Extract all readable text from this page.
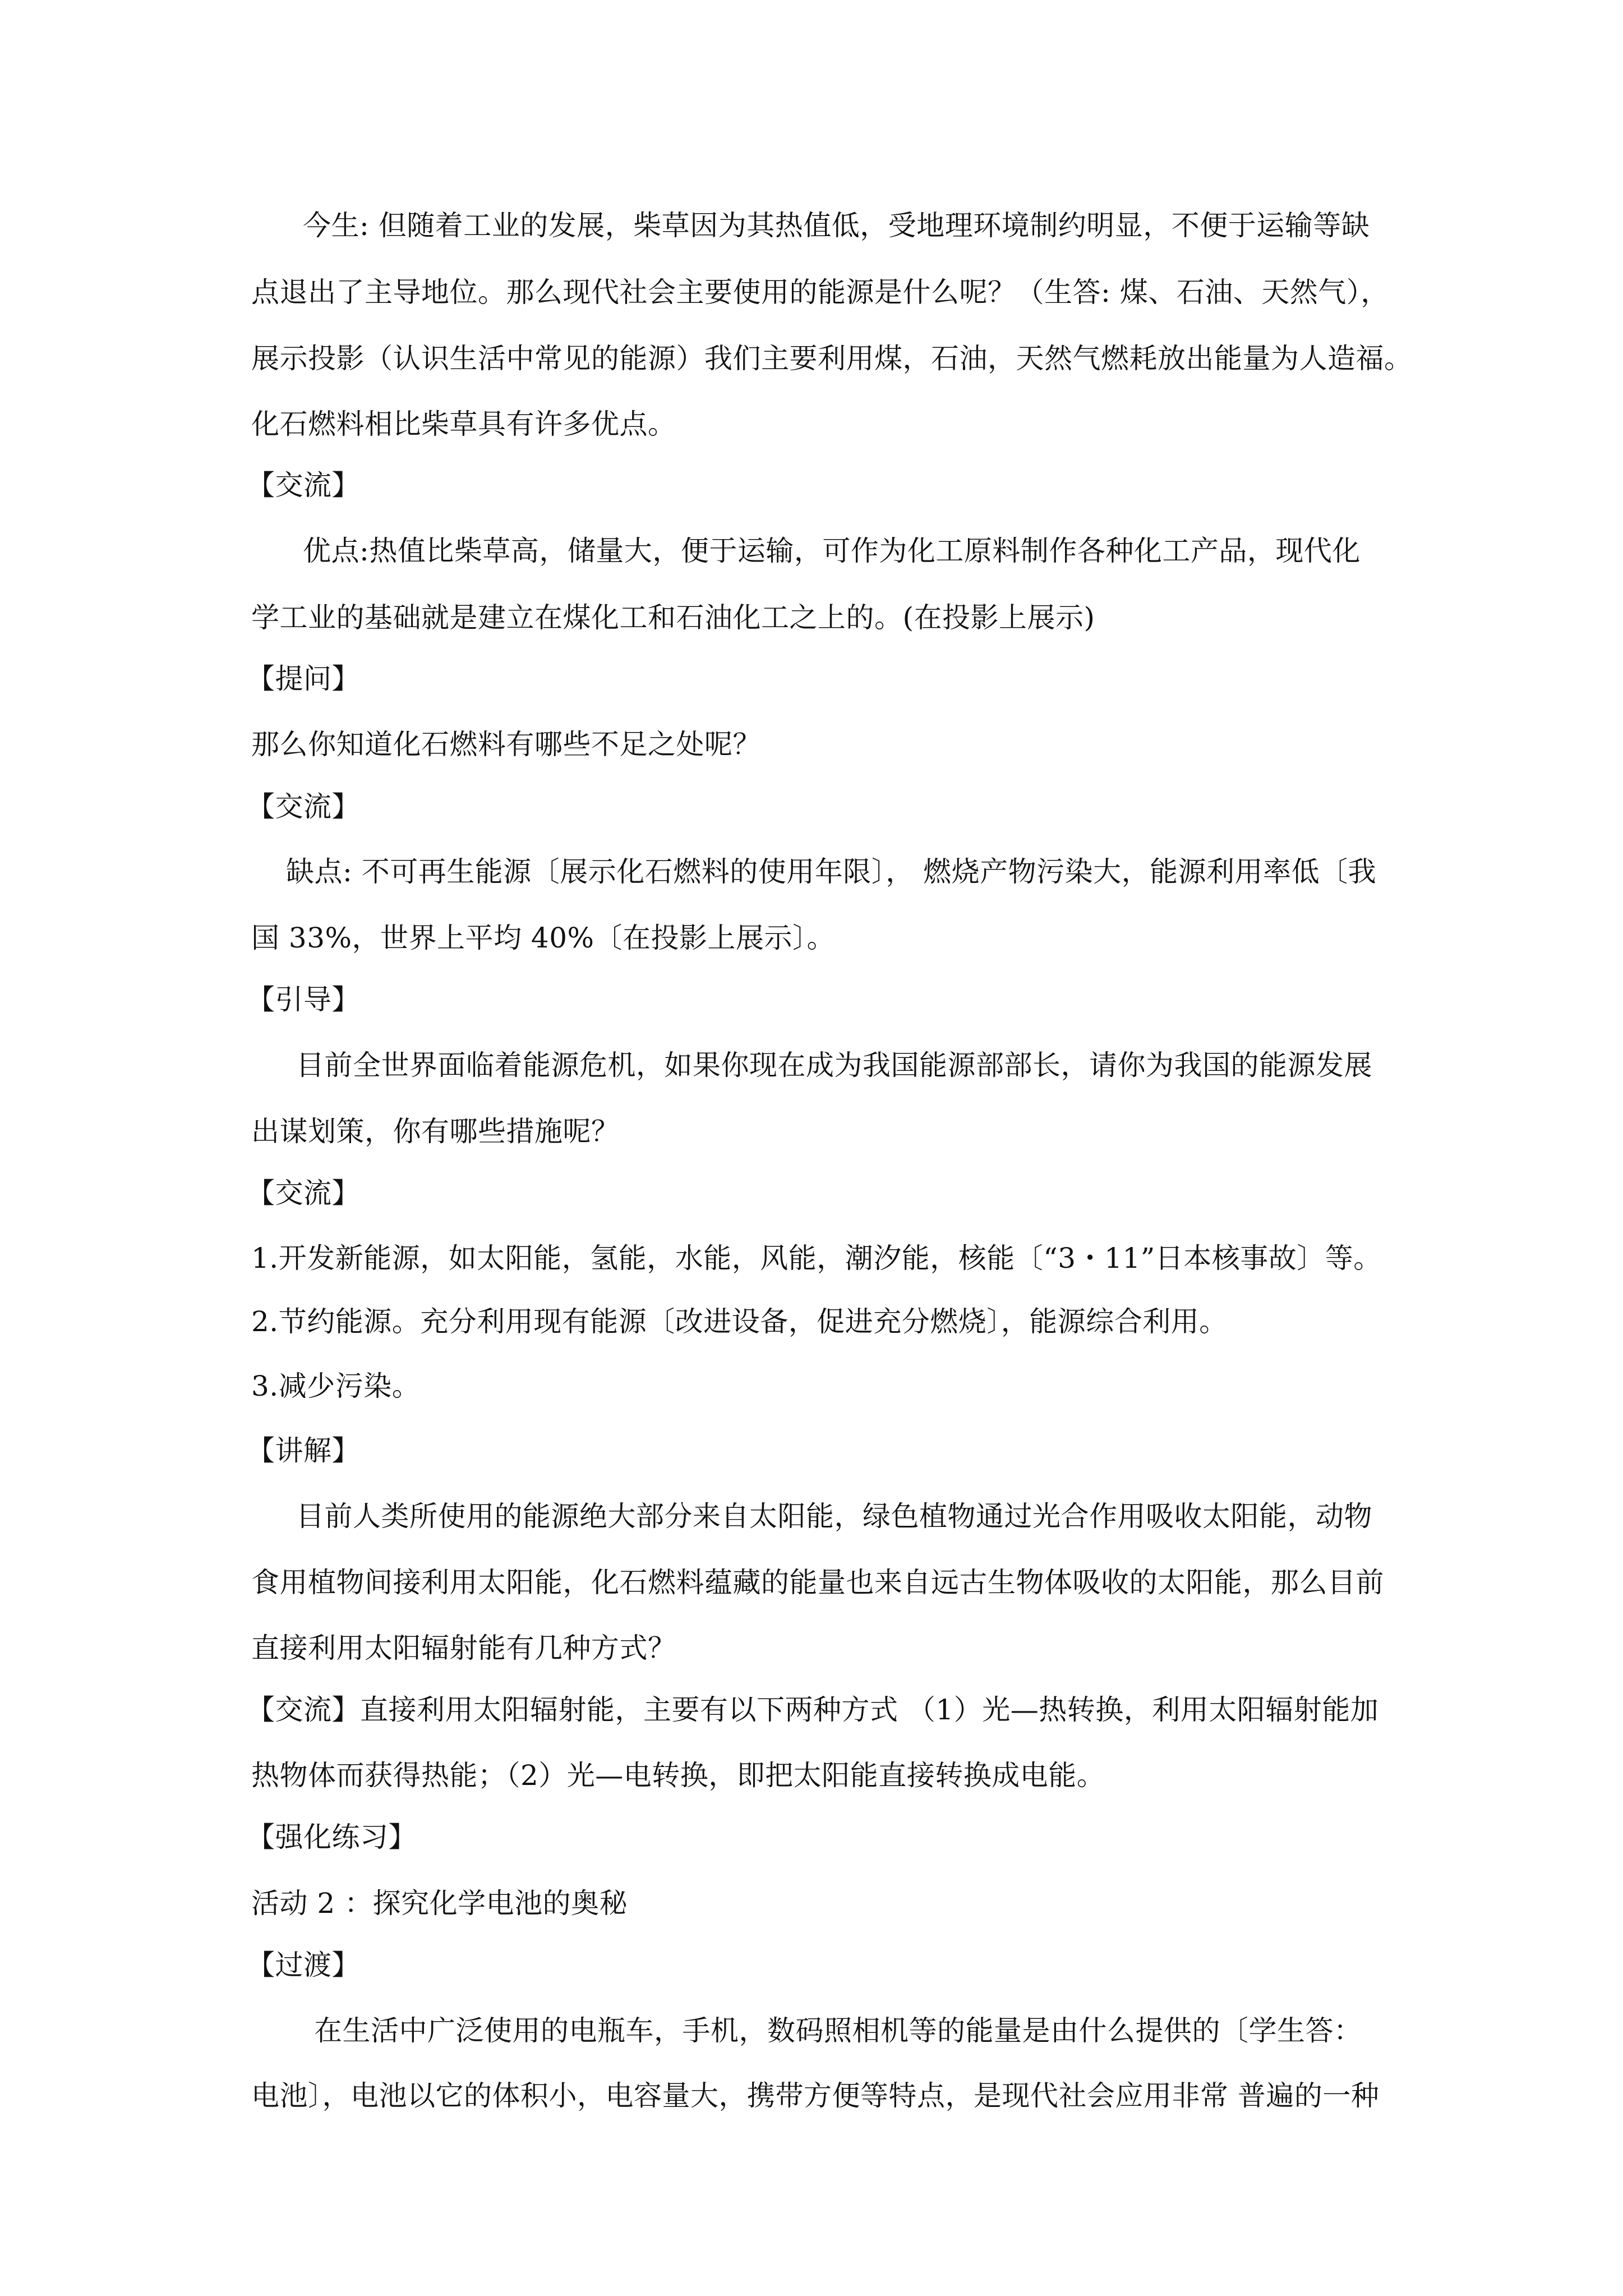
今生: 但随着工业的发展，柴草因为其热值低，受地理环境制约明显，不便于运输等缺
点退出了主导地位。那么现代社会主要使用的能源是什么呢？（生答: 煤、石油、天然气），
展示投影（认识生活中常见的能源）我们主要利用煤，石油，天然气燃耗放出能量为人造福。
化石燃料相比柴草具有许多优点。
【交流】
优点:热值比柴草高，储量大，便于运输，可作为化工原料制作各种化工产品，现代化
学工业的基础就是建立在煤化工和石油化工之上的。(在投影上展示)
【提问】
那么你知道化石燃料有哪些不足之处呢？
【交流】
缺点: 不可再生能源〔展示化石燃料的使用年限〕， 燃烧产物污染大，能源利用率低〔我
国 33%，世界上平均 40%〔在投影上展示〕。
【引导】
目前全世界面临着能源危机，如果你现在成为我国能源部部长，请你为我国的能源发展
出谋划策，你有哪些措施呢？
【交流】
1.开发新能源，如太阳能，氢能，水能，风能，潮汐能，核能〔“3・11”日本核事故〕等。
2.节约能源。充分利用现有能源〔改进设备，促进充分燃烧〕，能源综合利用。
3.减少污染。
【讲解】
目前人类所使用的能源绝大部分来自太阳能，绿色植物通过光合作用吸收太阳能，动物
食用植物间接利用太阳能，化石燃料蕴藏的能量也来自远古生物体吸收的太阳能，那么目前
直接利用太阳辐射能有几种方式？
【交流】直接利用太阳辐射能，主要有以下两种方式 （1）光—热转换，利用太阳辐射能加
热物体而获得热能；（2）光—电转换，即把太阳能直接转换成电能。
【强化练习】
活动 2 ：探究化学电池的奥秘
【过渡】
在生活中广泛使用的电瓶车，手机，数码照相机等的能量是由什么提供的〔学生答：
电池〕，电池以它的体积小，电容量大，携带方便等特点，是现代社会应用非常 普遍的一种
